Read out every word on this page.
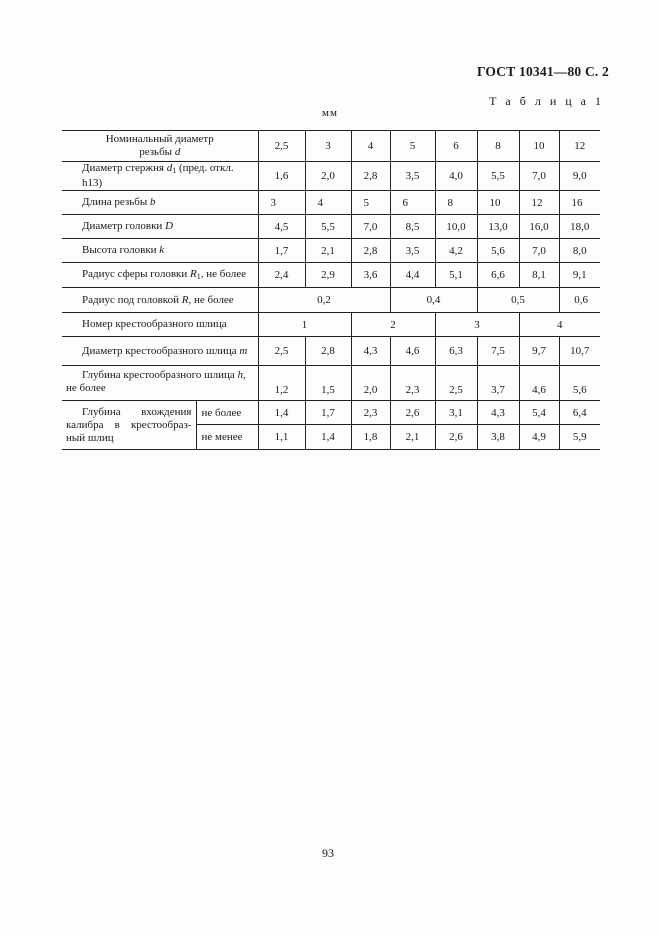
ГОСТ 10341—80 С. 2
Т а б л и ц а 1
мм
Номинальный диаметр
резьбы d		2,5	3	4	5	6	8	10	12
Диаметр стержня $d_1$ (пред. откл. h13)		1,6	2,0	2,8	3,5	4,0	5,5	7,0	9,0
Длина резьбы b		3	4	5	6	8	10	12	16
Диаметр головки D		4,5	5,5	7,0	8,5	10,0	13,0	16,0	18,0
Высота головки k		1,7	2,1	2,8	3,5	4,2	5,6	7,0	8,0
Радиус сферы головки $R_1$, не более		2,4	2,9	3,6	4,4	5,1	6,6	8,1	9,1
Радиус под головкой R, не более		0,2			0,4		0,5		0,6
Номер крестообразного шлица		1		2		3		4	
Диаметр крестообразного шлица m		2,5	2,8	4,3	4,6	6,3	7,5	9,7	10,7

Глубина крестообразного шлица h,
не более		1,2	1,5	2,0	2,3	2,5	3,7	4,6	5,6

Глубина вхождения
калибра в крестообраз-
ный шлиц	не более	1,4	1,7	2,3	2,6	3,1	4,3	5,4	6,4
	не менее	1,1	1,4	1,8	2,1	2,6	3,8	4,9	5,9
93
